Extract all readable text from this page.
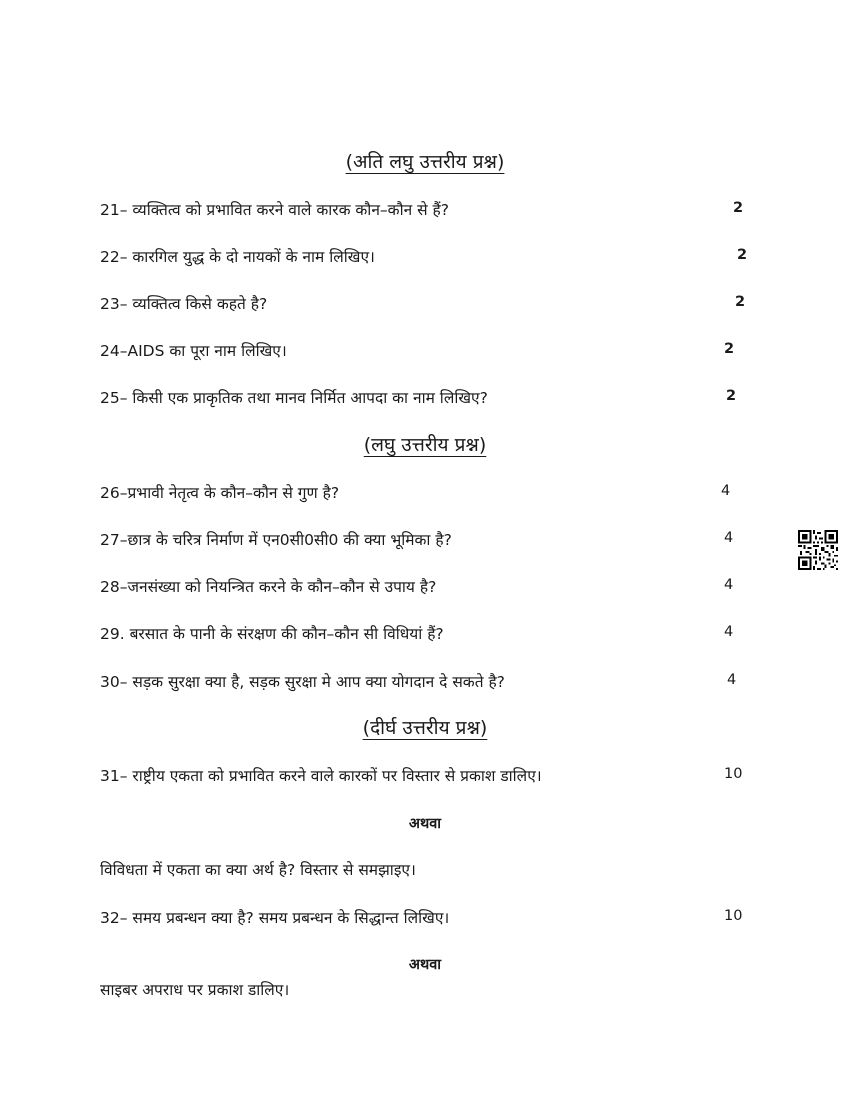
(अति लघु उत्तरीय प्रश्न)
21– व्यक्तित्व को प्रभावित करने वाले कारक कौन–कौन से हैं?	2
22– कारगिल युद्ध के दो नायकों के नाम लिखिए।	2
23– व्यक्तित्व किसे कहते है?	2
24–AIDS का पूरा नाम लिखिए।	2
25– किसी एक प्राकृतिक तथा मानव निर्मित आपदा का नाम लिखिए?	2
(लघु उत्तरीय प्रश्न)
26–प्रभावी नेतृत्व के कौन–कौन से गुण है?	4
27–छात्र के चरित्र निर्माण में एन0सी0सी0 की क्या भूमिका है?	4
28–जनसंख्या को नियन्त्रित करने के कौन–कौन से उपाय है?	4
29. बरसात के पानी के संरक्षण की कौन–कौन सी विधियां हैं?	4
30– सड़क सुरक्षा क्या है, सड़क सुरक्षा मे आप क्या योगदान दे सकते है?	4
(दीर्घ उत्तरीय प्रश्न)
31– राष्ट्रीय एकता को प्रभावित करने वाले कारकों पर विस्तार से प्रकाश डालिए।	10
अथवा
विविधता में एकता का क्या अर्थ है? विस्तार से समझाइए।
32– समय प्रबन्धन क्या है? समय प्रबन्धन के सिद्धान्त लिखिए।	10
अथवा
साइबर अपराध पर प्रकाश डालिए।
